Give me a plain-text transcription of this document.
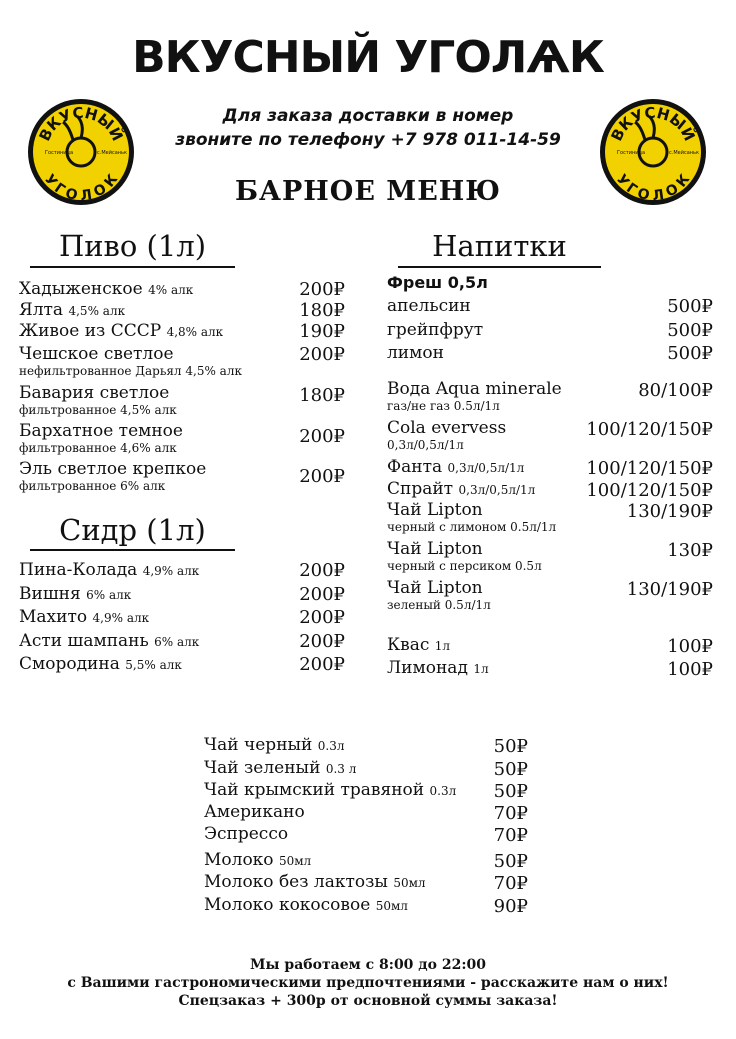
ВКУСНЫЙ УГОЛѦК
ВКУСНЫЙ
УГОЛОК
Гостиница	с.Мейсаньк
ВКУСНЫЙ
УГОЛОК
Гостиница	с.Мейсаньк
Для заказа доставки в номер
звоните по телефону +7 978 011-14-59
БАРНОЕ МЕНЮ
Пиво (1л)
Хадыженское 4% алк	200₽
Ялта 4,5% алк	180₽
Живое из СССР 4,8% алк	190₽
Чешское светлое
нефильтрованное Дарьял 4,5% алк
200₽
Бавария светлое
фильтрованное 4,5% алк
180₽
Бархатное темное
фильтрованное 4,6% алк
200₽
Эль светлое крепкое
фильтрованное 6% алк	200₽
Сидр (1л)
Пина-Колада 4,9% алк	200₽
Вишня 6% алк	200₽
Махито 4,9% алк	200₽
Асти шампань 6% алк	200₽
Смородина 5,5% алк	200₽
Напитки
Фреш 0,5л
апельсин	500₽
грейпфрут	500₽
лимон	500₽
Вода Aqua minerale
газ/не газ 0.5л/1л
80/100₽
Cola evervess
0,3л/0,5л/1л
100/120/150₽
Фанта 0,3л/0,5л/1л	100/120/150₽
Спрайт 0,3л/0,5л/1л	100/120/150₽
Чай Lipton
черный с лимоном 0.5л/1л
130/190₽
Чай Lipton
черный с персиком 0.5л
130₽
Чай Lipton
зеленый 0.5л/1л
130/190₽
Квас 1л	100₽
Лимонад 1л	100₽
Чай черный 0.3л	50₽
Чай зеленый 0.3 л	50₽
Чай крымский травяной 0.3л 50₽
Американо	70₽
Эспрессо	70₽
Молоко 50мл	50₽
Молоко без лактозы 50мл	70₽
Молоко кокосовое 50мл	90₽
Мы работаем с 8:00 до 22:00
с Вашими гастрономическими предпочтениями - расскажите нам о них!
Спецзаказ + 300р от основной суммы заказа!
